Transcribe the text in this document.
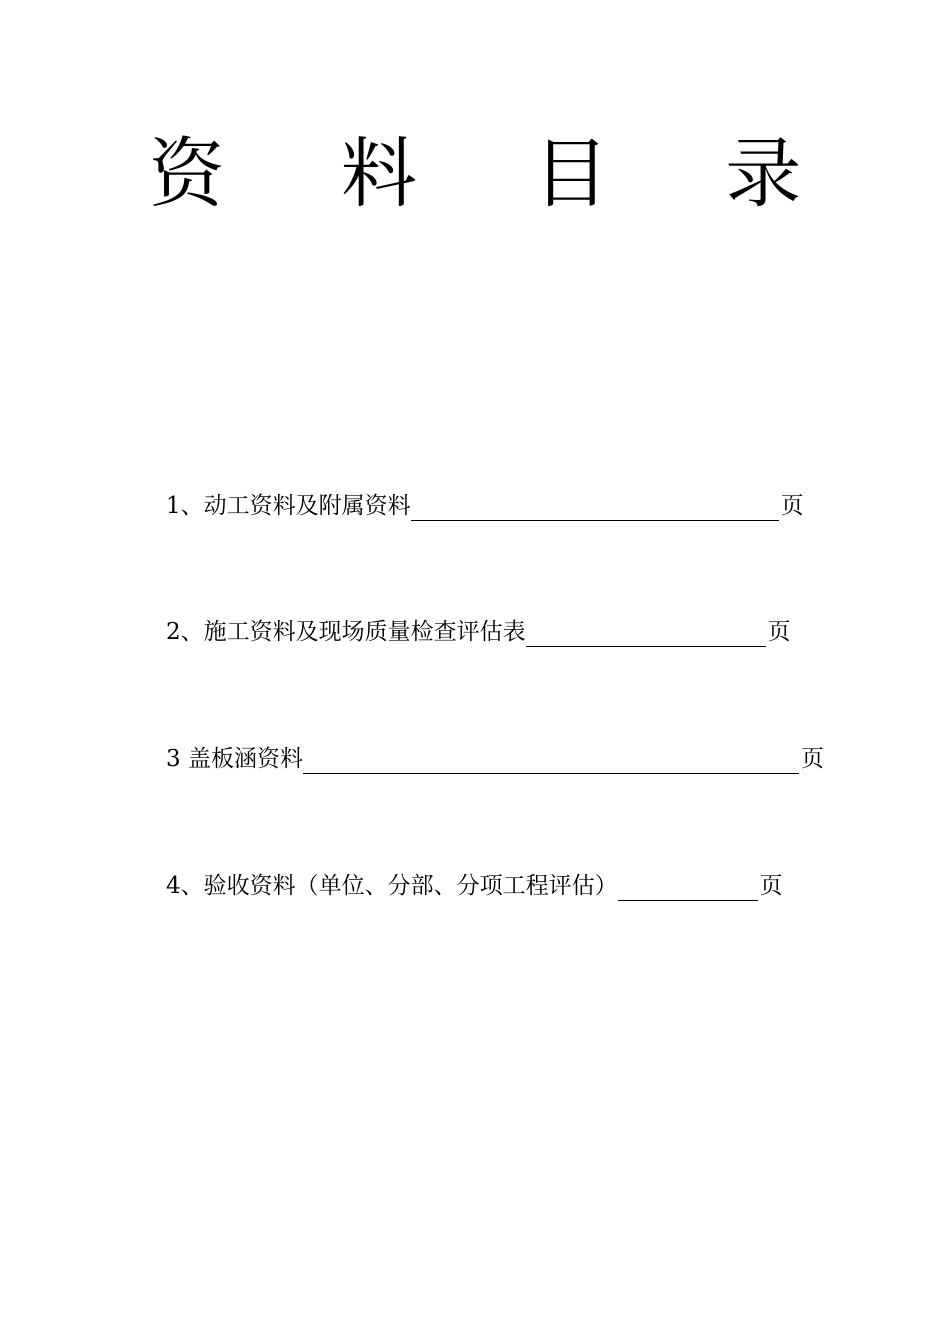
资 料 目 录
1、动工资料及附属资料	页
2、施工资料及现场质量检查评估表	页
3 盖板涵资料	页
4、验收资料（单位、分部、分项工程评估）	页
